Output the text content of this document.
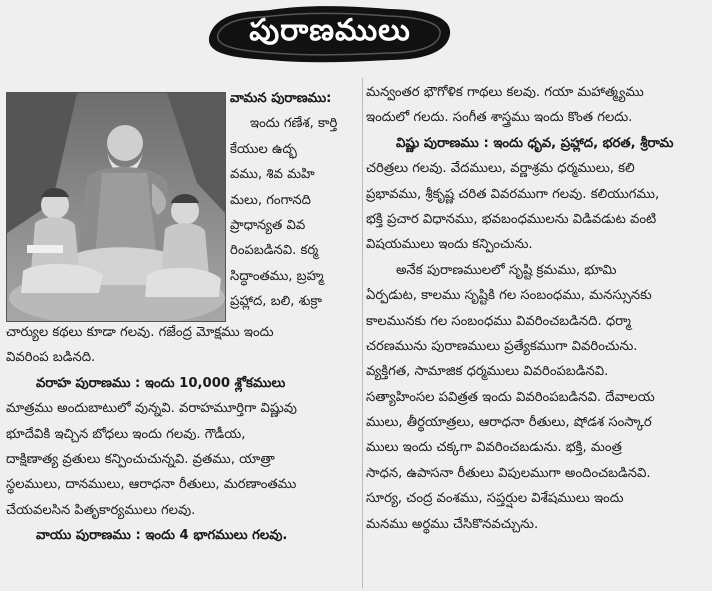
పురాణములు
వామన పురాణము:
ఇందు గణేశ, కార్తి
కేయుల ఉద్భ
వము, శివ మహి
మలు, గంగానది
ప్రాధాన్యత వివ
రింపబడినవి. కర్మ
సిద్ధాంతము, బ్రహ్మ
ప్రహ్లాద, బలి, శుక్రా
చార్యుల కథలు కూడా గలవు. గజేంద్ర మోక్షము ఇందు
వివరింప బడినది.
వరాహ పురాణము : ఇందు 10,000 శ్లోకములు
మాత్రము అందుబాటులో వున్నవి. వరాహమూర్తిగా విష్ణువు
భూదేవికి ఇచ్చిన బోధలు ఇందు గలవు. గౌడీయ,
దాక్షిణాత్య వ్రతులు కన్పించుచున్నవి. వ్రతము, యాత్రా
స్థలములు, దానములు, ఆరాధనా రీతులు, మరణాంతము
చేయవలసిన పితృకార్యములు గలవు.
వాయు పురాణము : ఇందు 4 భాగములు గలవు.
మన్వంతర భౌగోళిక గాథలు కలవు. గయా మహాత్మ్యము
ఇందులో గలదు. సంగీత శాస్త్రము ఇందు కొంత గలదు.
విష్ణు పురాణము : ఇందు ధృవ, ప్రహ్లాద, భరత, శ్రీరామ
చరిత్రలు గలవు. వేదములు, వర్ణాశ్రమ ధర్మములు, కలి
ప్రభావము, శ్రీకృష్ణ చరిత వివరముగా గలవు. కలియుగము,
భక్తి ప్రచార విధానము, భవబంధములను విడివడుట వంటి
విషయములు ఇందు కన్పించును.
అనేక పురాణములలో సృష్టి క్రమము, భూమి
ఏర్పడుట, కాలము సృష్టికి గల సంబంధము, మనస్సునకు
కాలమునకు గల సంబంధము వివరించబడినది. ధర్మా
చరణమును పురాణములు ప్రత్యేకముగా వివరించును.
వ్యక్తిగత, సామాజిక ధర్మములు వివరింపబడినవి.
సత్యాహింసల పవిత్రత ఇందు వివరింపబడినవి. దేవాలయ
ములు, తీర్థయాత్రలు, ఆరాధనా రీతులు, షోడశ సంస్కార
ములు ఇందు చక్కగా వివరించబడును. భక్తి, మంత్ర
సాధన, ఉపాసనా రీతులు విపులముగా అందించబడినవి.
సూర్య, చంద్ర వంశము, సప్తర్షుల విశేషములు ఇందు
మనము అర్థము చేసికొనవచ్చును.
